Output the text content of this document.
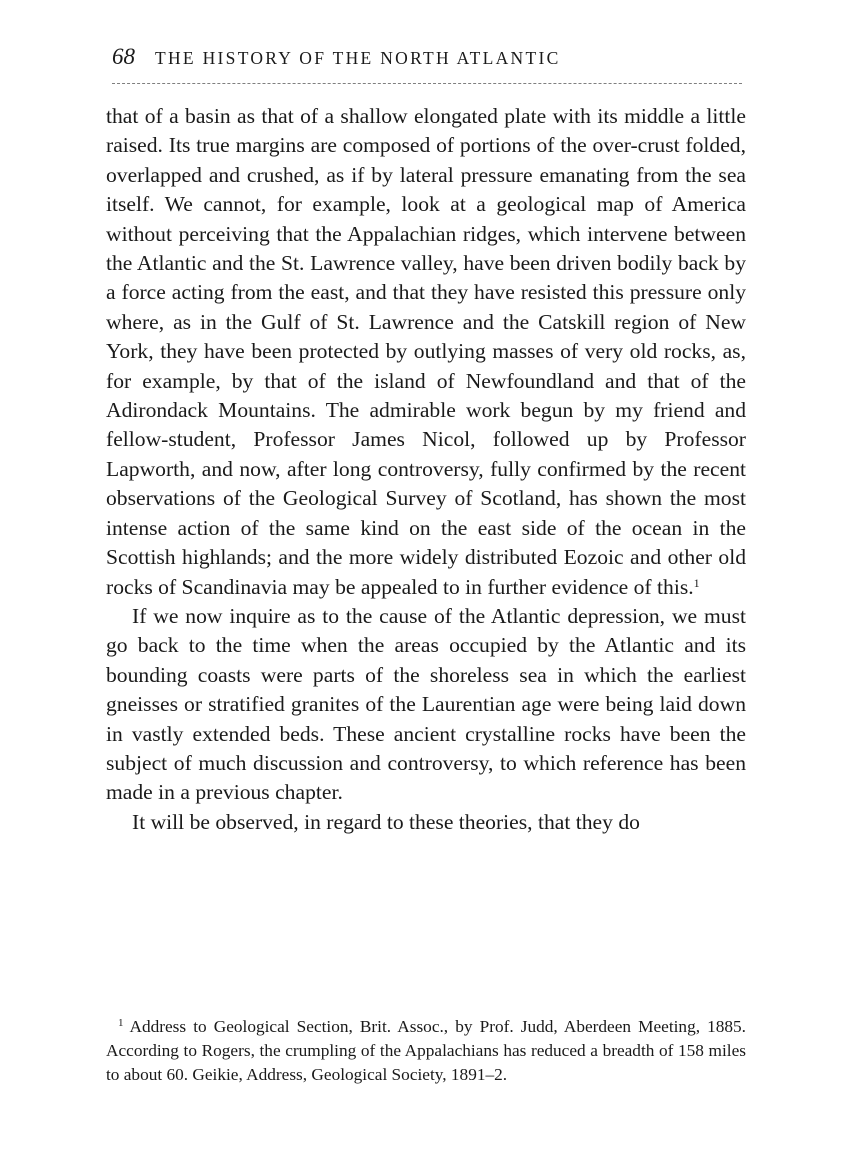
68 THE HISTORY OF THE NORTH ATLANTIC

that of a basin as that of a shallow elongated plate with its middle a little raised. Its true margins are composed of portions of the over-crust folded, overlapped and crushed, as if by lateral pressure emanating from the sea itself. We cannot, for example, look at a geological map of America without perceiving that the Appalachian ridges, which intervene between the Atlantic and the St. Lawrence valley, have been driven bodily back by a force acting from the east, and that they have resisted this pressure only where, as in the Gulf of St. Lawrence and the Catskill region of New York, they have been protected by outlying masses of very old rocks, as, for example, by that of the island of Newfoundland and that of the Adirondack Mountains. The admirable work begun by my friend and fellow-student, Professor James Nicol, followed up by Professor Lapworth, and now, after long controversy, fully confirmed by the recent observations of the Geological Survey of Scotland, has shown the most intense action of the same kind on the east side of the ocean in the Scottish highlands; and the more widely distributed Eozoic and other old rocks of Scandinavia may be appealed to in further evidence of this.$^1$

If we now inquire as to the cause of the Atlantic depression, we must go back to the time when the areas occupied by the Atlantic and its bounding coasts were parts of the shoreless sea in which the earliest gneisses or stratified granites of the Laurentian age were being laid down in vastly extended beds. These ancient crystalline rocks have been the subject of much discussion and controversy, to which reference has been made in a previous chapter.

It will be observed, in regard to these theories, that they do

$^1$ Address to Geological Section, Brit. Assoc., by Prof. Judd, Aberdeen Meeting, 1885. According to Rogers, the crumpling of the Appalachians has reduced a breadth of 158 miles to about 60. Geikie, Address, Geological Society, 1891–2.
